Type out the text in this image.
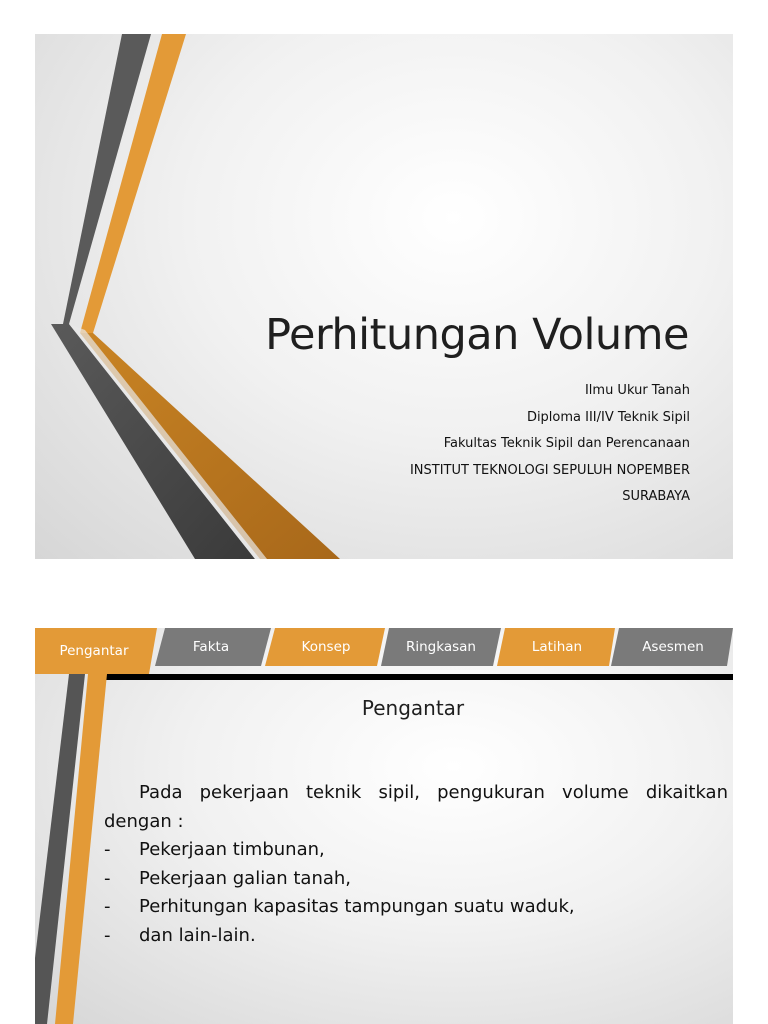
Perhitungan Volume
Ilmu Ukur Tanah
Diploma III/IV Teknik Sipil
Fakultas Teknik Sipil dan Perencanaan
INSTITUT TEKNOLOGI SEPULUH NOPEMBER
SURABAYA
Pengantar	Fakta	Konsep	Ringkasan	Latihan	Asesmen
Pengantar

Pada pekerjaan teknik sipil, pengukuran volume dikaitkan dengan :

-	Pekerjaan timbunan,

-	Pekerjaan galian tanah,

-	Perhitungan kapasitas tampungan suatu waduk,

-	dan lain-lain.
